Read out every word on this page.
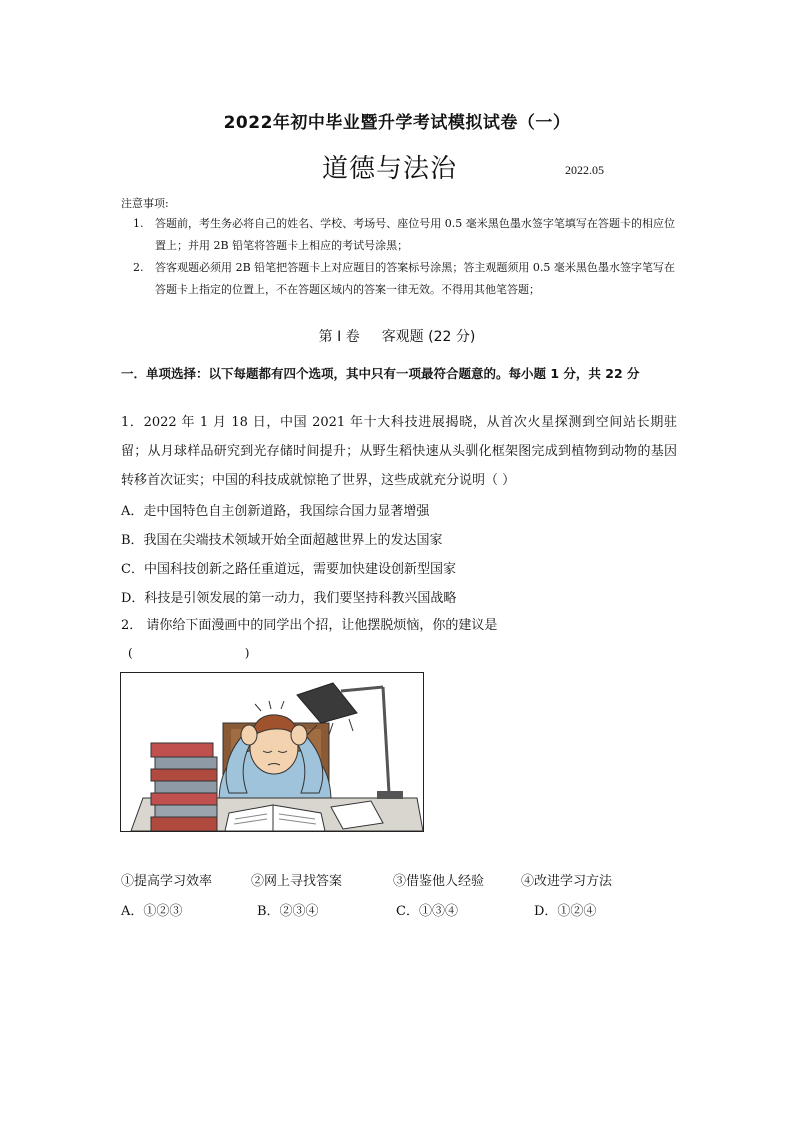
2022年初中毕业暨升学考试模拟试卷（一）
道德与法治	2022.05
注意事项:
1. 答题前，考生务必将自己的姓名、学校、考场号、座位号用 0.5 毫米黑色墨水签字笔填写在答题卡的相应位置上；并用 2B 铅笔将答题卡上相应的考试号涂黑；
2. 答客观题必须用 2B 铅笔把答题卡上对应题目的答案标号涂黑；答主观题须用 0.5 毫米黑色墨水签字笔写在答题卡上指定的位置上，不在答题区域内的答案一律无效。不得用其他笔答题；
第 I 卷 客观题 (22 分)
一．单项选择：以下每题都有四个选项，其中只有一项最符合题意的。每小题 1 分，共 22 分
1．2022 年 1 月 18 日，中国 2021 年十大科技进展揭晓，从首次火星探测到空间站长期驻留；从月球样品研究到光存储时间提升；从野生稻快速从头驯化框架图完成到植物到动物的基因转移首次证实；中国的科技成就惊艳了世界，这些成就充分说明（ ）
A．走中国特色自主创新道路，我国综合国力显著增强
B．我国在尖端技术领域开始全面超越世界上的发达国家
C．中国科技创新之路任重道远，需要加快建设创新型国家
D．科技是引领发展的第一动力，我们要坚持科教兴国战略
2． 请你给下面漫画中的同学出个招，让他摆脱烦恼，你的建议是
(	)
①提高学习效率	②网上寻找答案	③借鉴他人经验	④改进学习方法
A．①②③	B．②③④	C．①③④	D．①②④
